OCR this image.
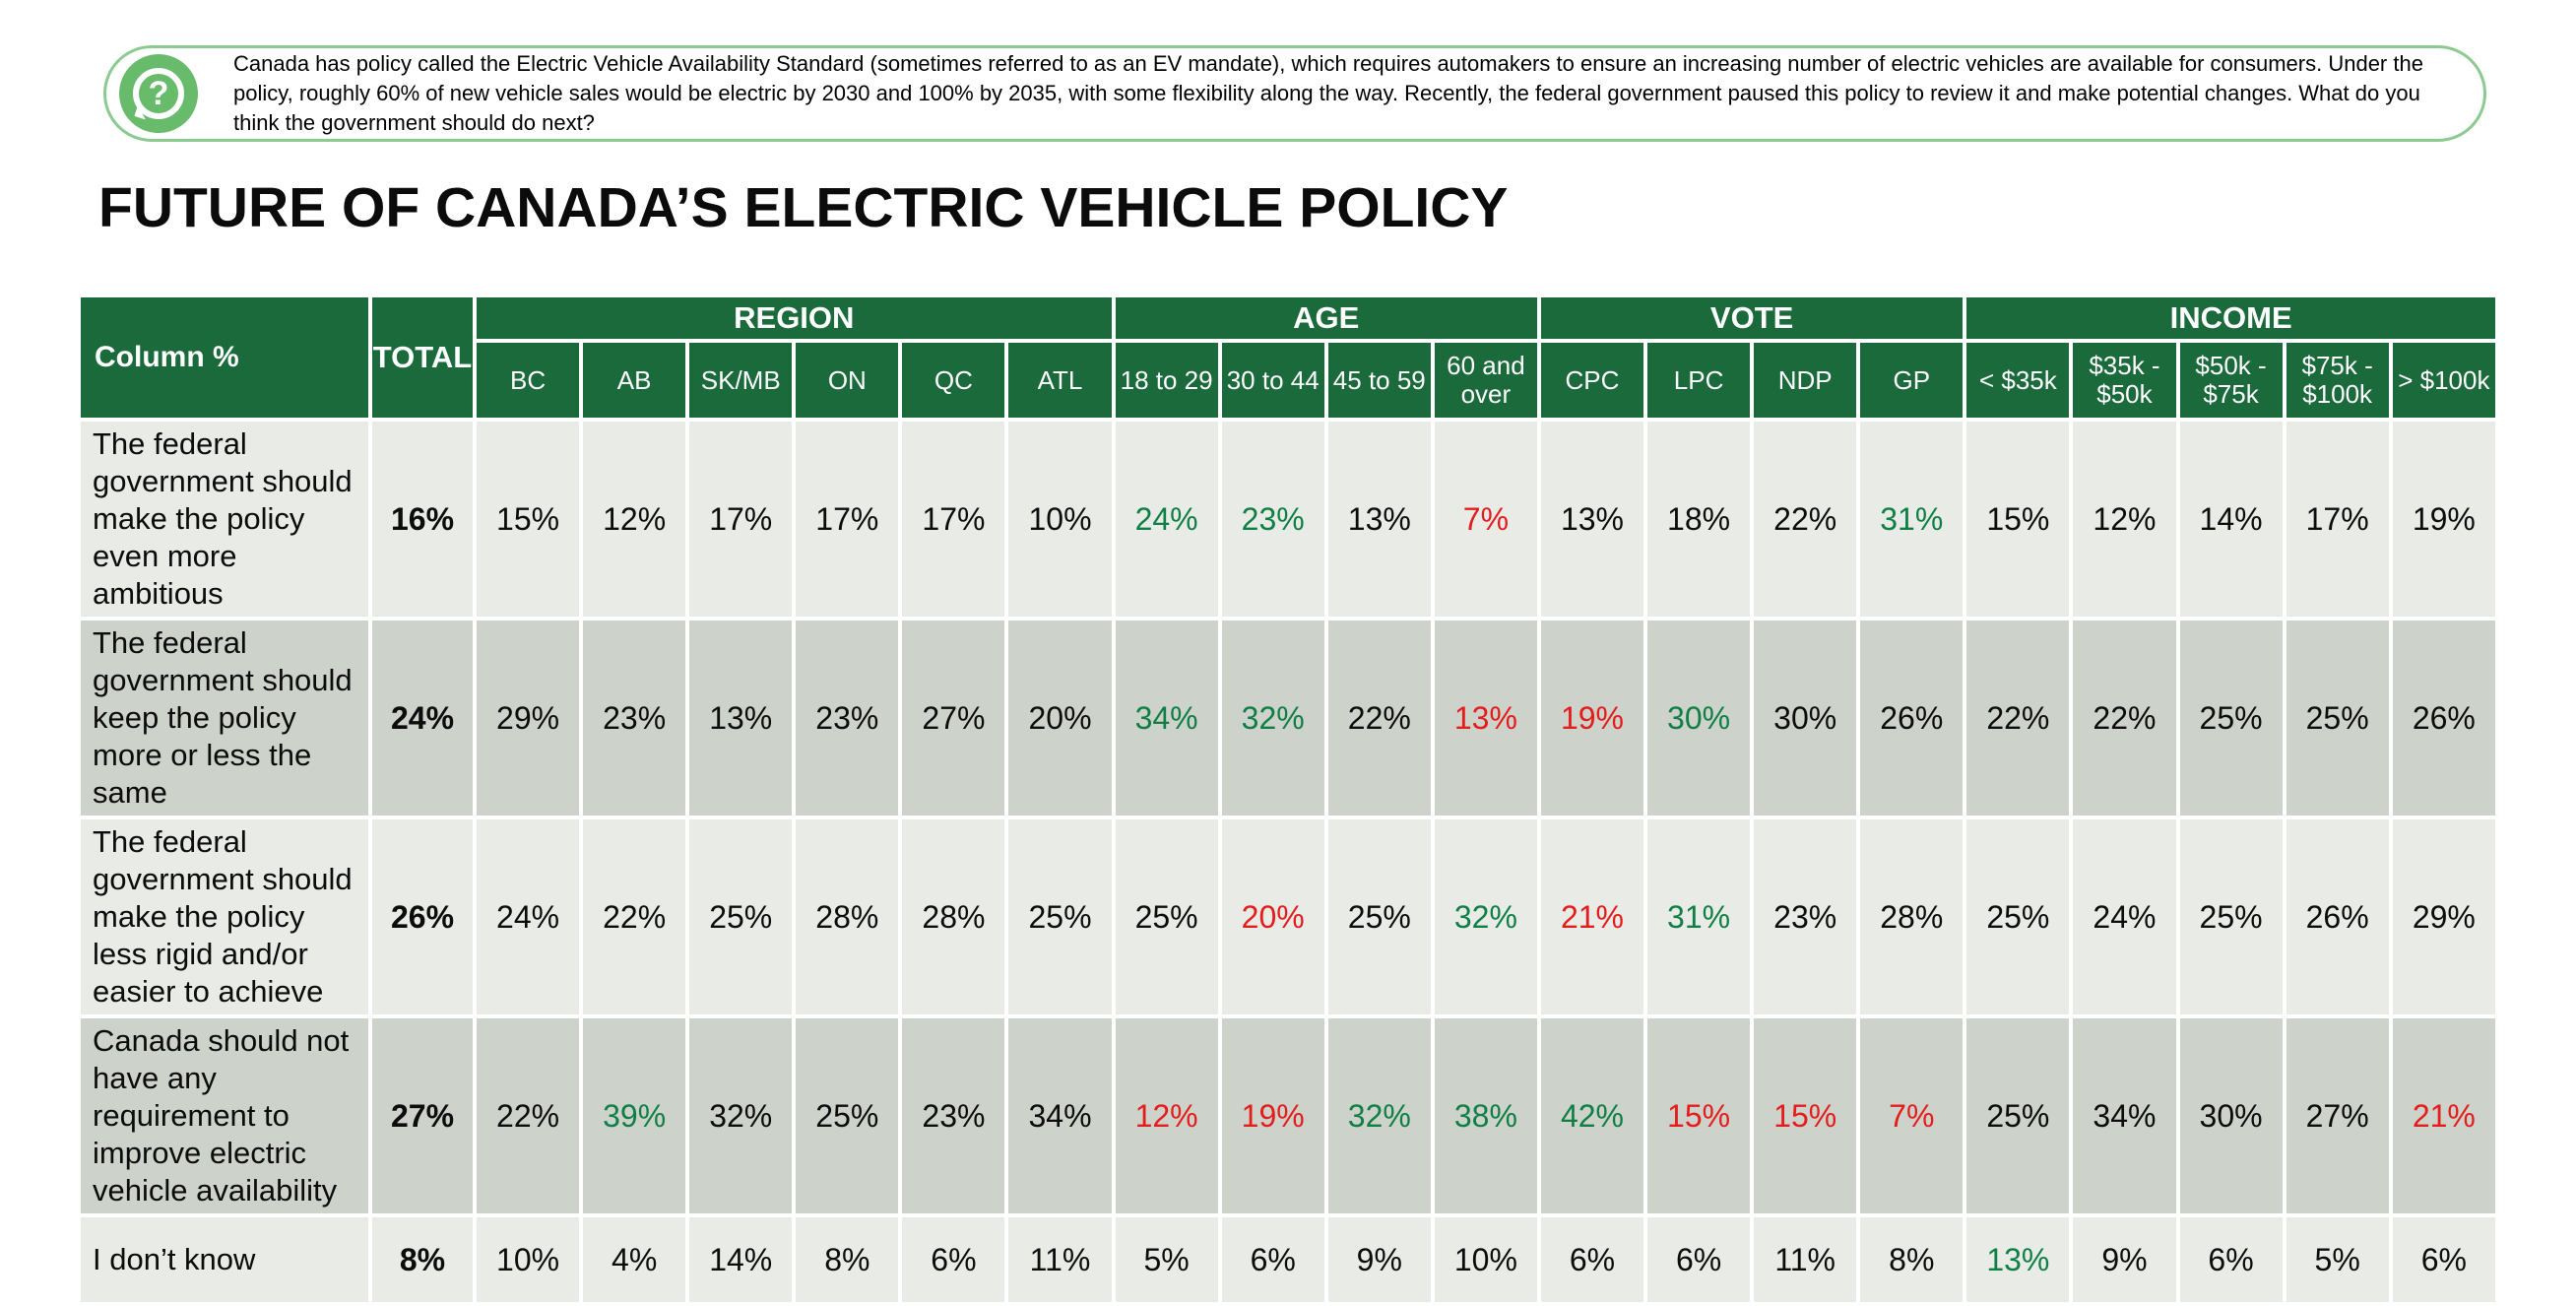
?
Canada has policy called the Electric Vehicle Availability Standard (sometimes referred to as an EV mandate), which requires automakers to ensure an increasing number of electric vehicles are available for consumers. Under the policy, roughly 60% of new vehicle sales would be electric by 2030 and 100% by 2035, with some flexibility along the way. Recently, the federal government paused this policy to review it and make potential changes. What do you think the government should do next?
FUTURE OF CANADA’S ELECTRIC VEHICLE POLICY
Column %	TOTAL	REGION						AGE				VOTE				INCOME				
		BC	AB	SK/MB	ON	QC	ATL	18 to 29	30 to 44	45 to 59	60 and over	CPC	LPC	NDP	GP	< $35k	$35k - $50k	$50k - $75k	$75k - $100k	> $100k
The federal government should make the policy even more ambitious	16%	15%	12%	17%	17%	17%	10%	24%	23%	13%	7%	13%	18%	22%	31%	15%	12%	14%	17%	19%
The federal government should keep the policy more or less the same	24%	29%	23%	13%	23%	27%	20%	34%	32%	22%	13%	19%	30%	30%	26%	22%	22%	25%	25%	26%
The federal government should make the policy less rigid and/or easier to achieve	26%	24%	22%	25%	28%	28%	25%	25%	20%	25%	32%	21%	31%	23%	28%	25%	24%	25%	26%	29%
Canada should not have any requirement to improve electric vehicle availability	27%	22%	39%	32%	25%	23%	34%	12%	19%	32%	38%	42%	15%	15%	7%	25%	34%	30%	27%	21%
I don’t know	8%	10%	4%	14%	8%	6%	11%	5%	6%	9%	10%	6%	6%	11%	8%	13%	9%	6%	5%	6%
